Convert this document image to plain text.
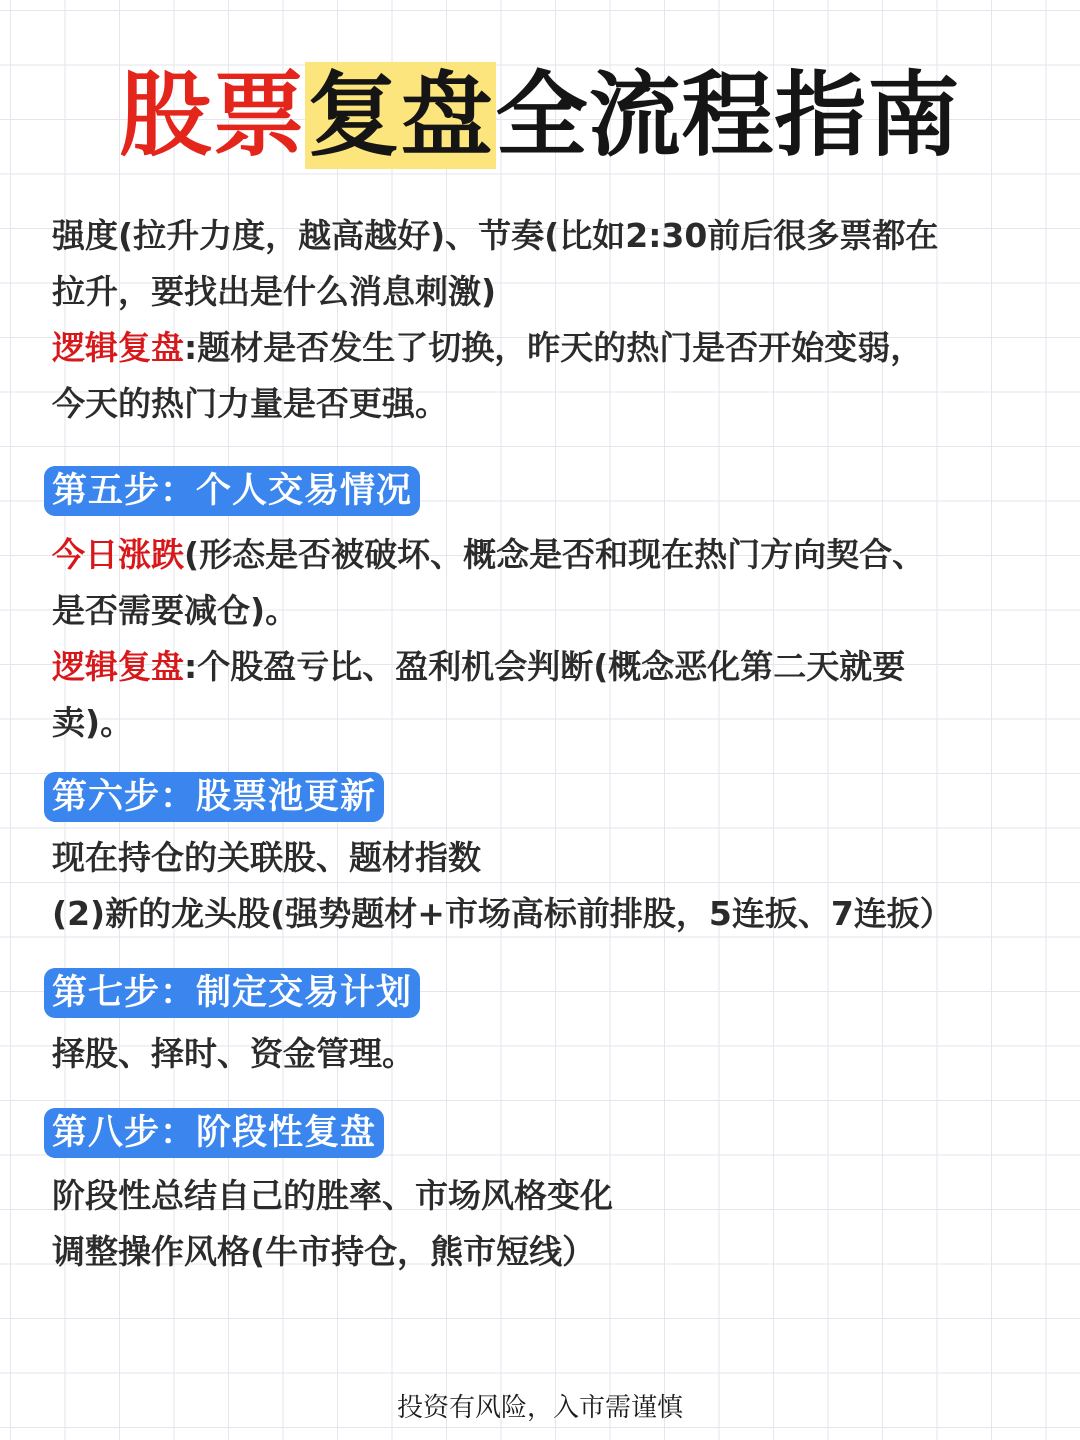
股票复盘全流程指南
强度(拉升力度，越高越好)、节奏(比如2:30前后很多票都在
拉升，要找出是什么消息刺激)
逻辑复盘:题材是否发生了切换，昨天的热门是否开始变弱，
今天的热门力量是否更强。
第五步：个人交易情况
今日涨跌(形态是否被破坏、概念是否和现在热门方向契合、
是否需要减仓)。
逻辑复盘:个股盈亏比、盈利机会判断(概念恶化第二天就要
卖)。
第六步：股票池更新
现在持仓的关联股、题材指数
(2)新的龙头股(强势题材+市场高标前排股，5连扳、7连扳）
第七步：制定交易计划
择股、择时、资金管理。
第八步：阶段性复盘
阶段性总结自己的胜率、市场风格变化
调整操作风格(牛市持仓，熊市短线）
投资有风险，入市需谨慎
